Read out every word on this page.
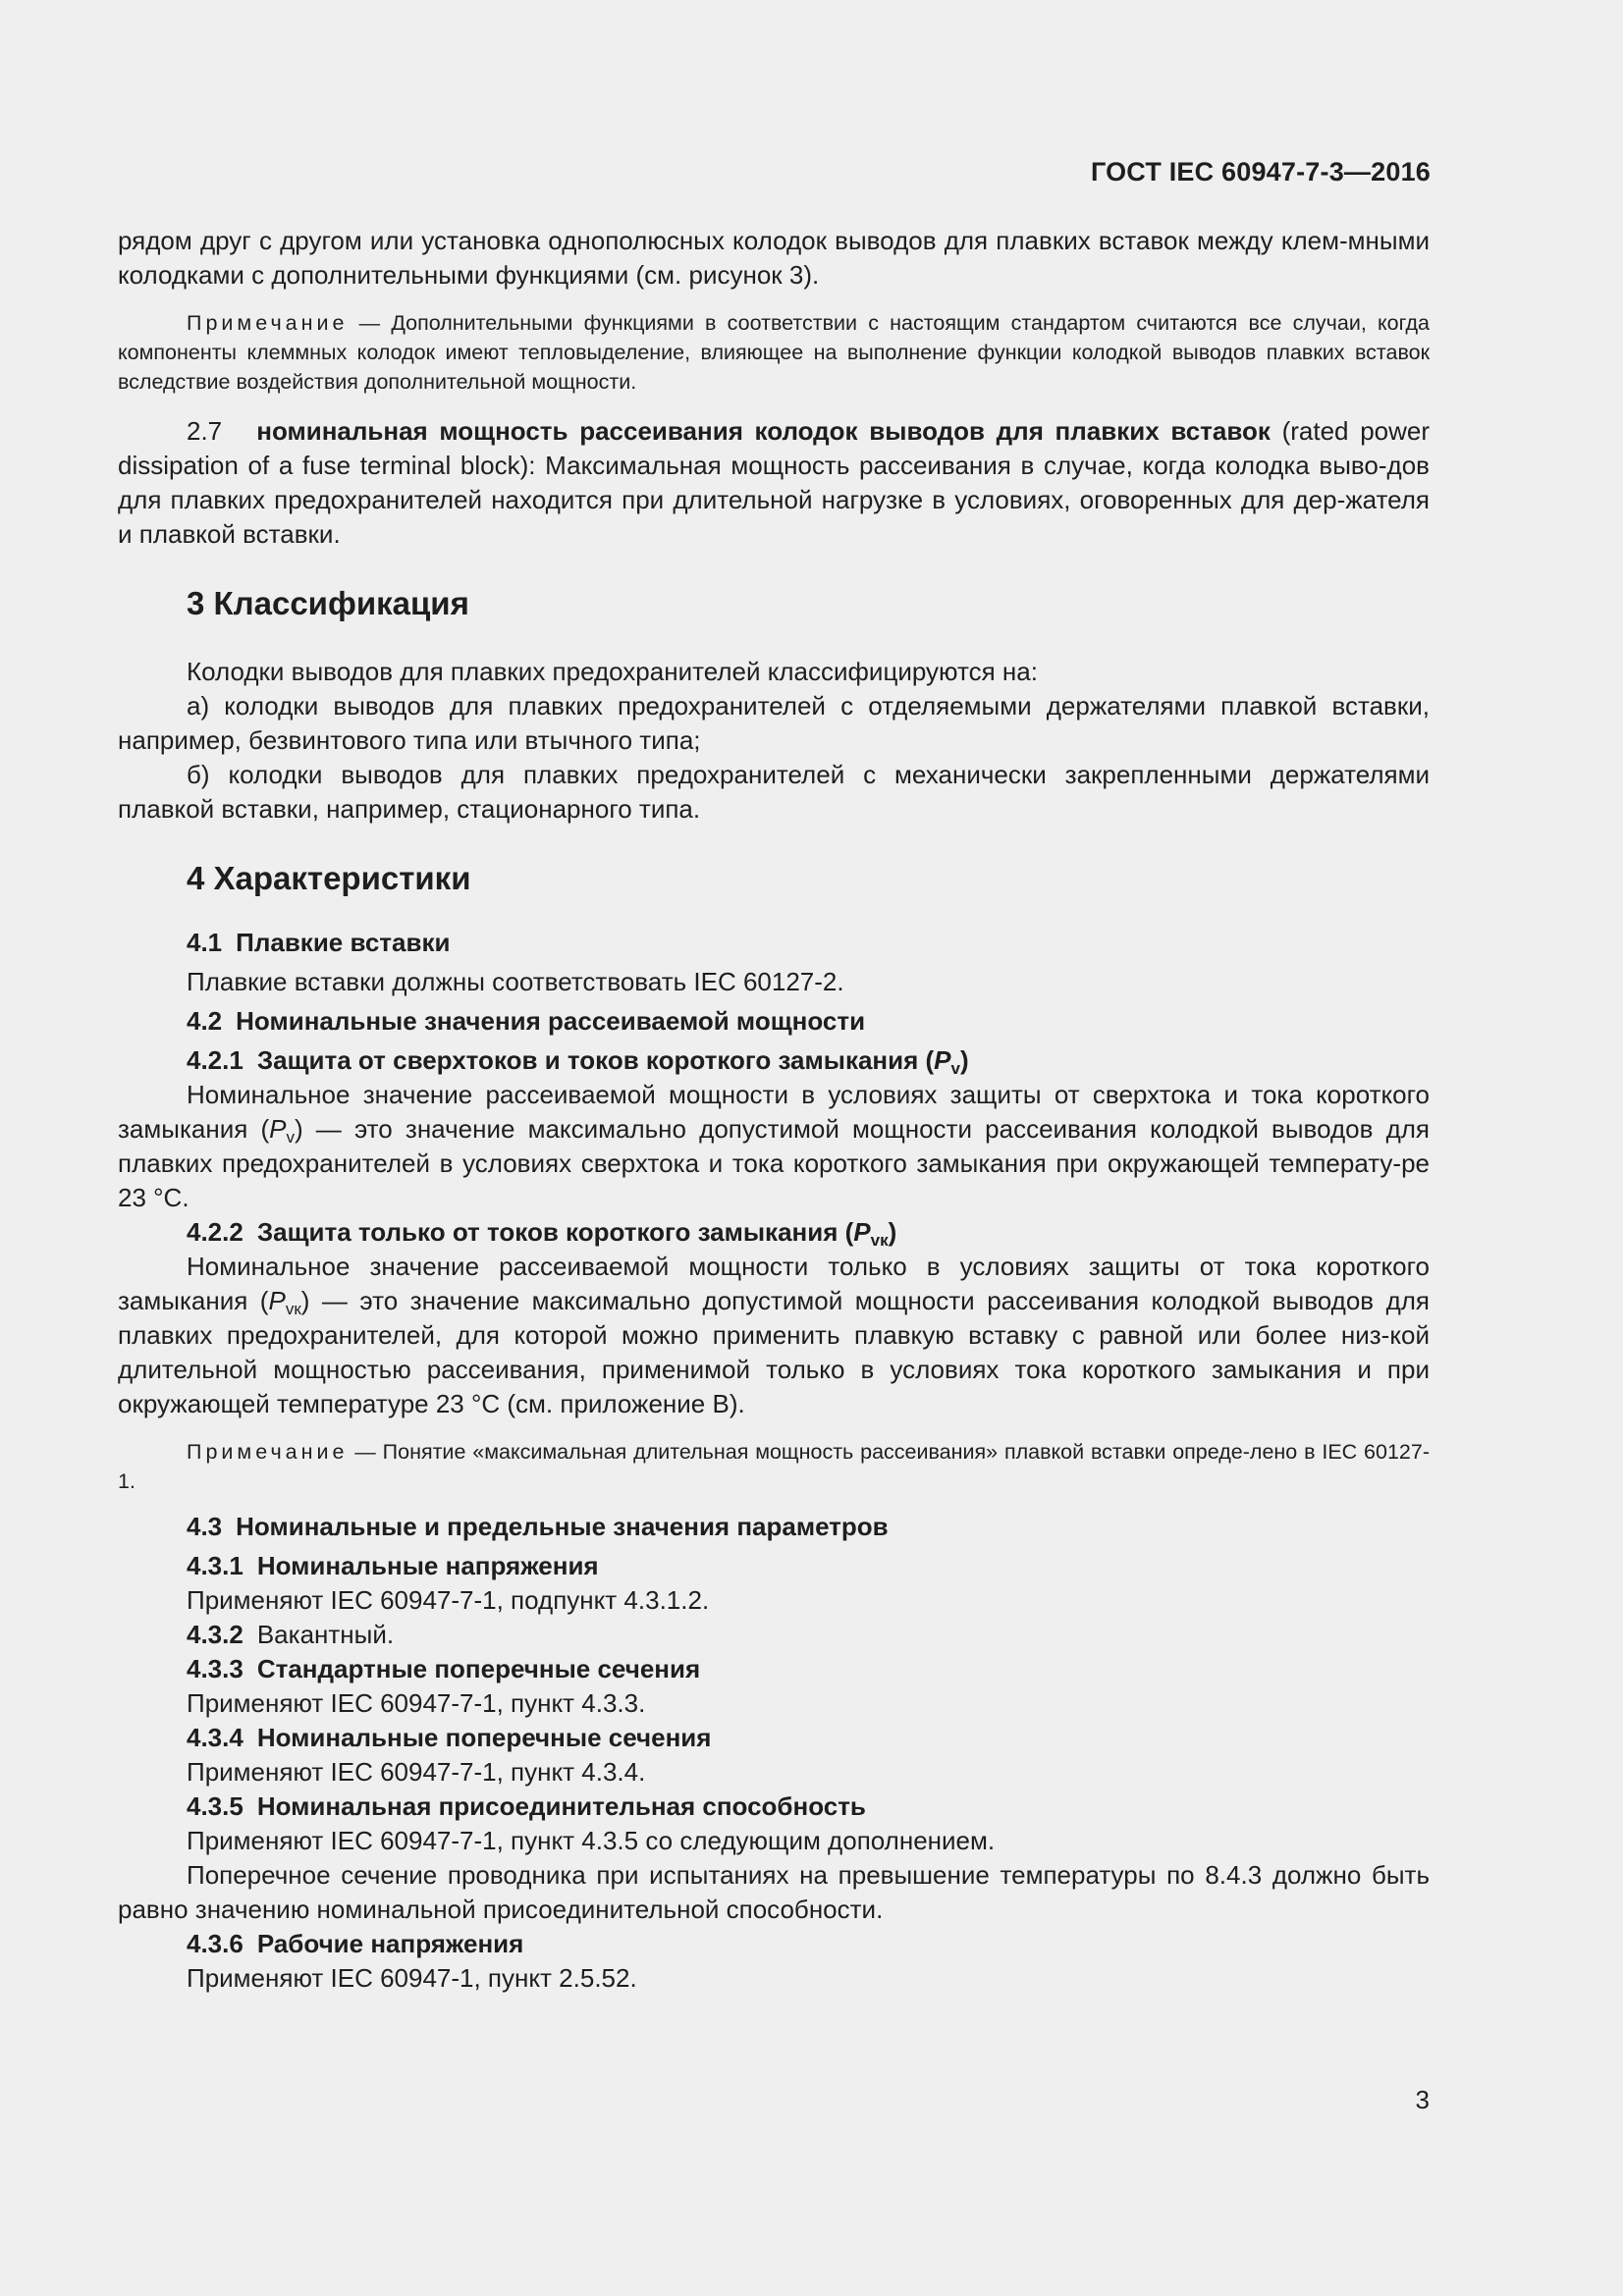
ГОСТ IEC 60947-7-3—2016

рядом друг с другом или установка однополюсных колодок выводов для плавких вставок между клем-мными колодками с дополнительными функциями (см. рисунок 3).

Примечание — Дополнительными функциями в соответствии с настоящим стандартом считаются все случаи, когда компоненты клеммных колодок имеют тепловыделение, влияющее на выполнение функции колодкой выводов плавких вставок вследствие воздействия дополнительной мощности.

2.7 номинальная мощность рассеивания колодок выводов для плавких вставок (rated power dissipation of a fuse terminal block): Максимальная мощность рассеивания в случае, когда колодка выво-дов для плавких предохранителей находится при длительной нагрузке в условиях, оговоренных для дер-жателя и плавкой вставки.

3 Классификация

Колодки выводов для плавких предохранителей классифицируются на:

а) колодки выводов для плавких предохранителей с отделяемыми держателями плавкой вставки, например, безвинтового типа или втычного типа;

б) колодки выводов для плавких предохранителей с механически закрепленными держателями плавкой вставки, например, стационарного типа.

4 Характеристики
4.1 Плавкие вставки

Плавкие вставки должны соответствовать IEC 60127-2.

4.2 Номинальные значения рассеиваемой мощности
4.2.1 Защита от сверхтоков и токов короткого замыкания $(P_v)$

Номинальное значение рассеиваемой мощности в условиях защиты от сверхтока и тока короткого замыкания $(P_v)$ — это значение максимально допустимой мощности рассеивания колодкой выводов для плавких предохранителей в условиях сверхтока и тока короткого замыкания при окружающей температу-ре 23 °С.

4.2.2 Защита только от токов короткого замыкания $(P_{vк})$

Номинальное значение рассеиваемой мощности только в условиях защиты от тока короткого замыкания $(P_{vк})$ — это значение максимально допустимой мощности рассеивания колодкой выводов для плавких предохранителей, для которой можно применить плавкую вставку с равной или более низ-кой длительной мощностью рассеивания, применимой только в условиях тока короткого замыкания и при окружающей температуре 23 °С (см. приложение В).

Примечание — Понятие «максимальная длительная мощность рассеивания» плавкой вставки опреде-лено в IEC 60127-1.

4.3 Номинальные и предельные значения параметров
4.3.1 Номинальные напряжения

Применяют IEC 60947-7-1, подпункт 4.3.1.2.

4.3.2 Вакантный.
4.3.3 Стандартные поперечные сечения

Применяют IEC 60947-7-1, пункт 4.3.3.

4.3.4 Номинальные поперечные сечения

Применяют IEC 60947-7-1, пункт 4.3.4.

4.3.5 Номинальная присоединительная способность

Применяют IEC 60947-7-1, пункт 4.3.5 со следующим дополнением.

Поперечное сечение проводника при испытаниях на превышение температуры по 8.4.3 должно быть равно значению номинальной присоединительной способности.

4.3.6 Рабочие напряжения

Применяют IEC 60947-1, пункт 2.5.52.

3
